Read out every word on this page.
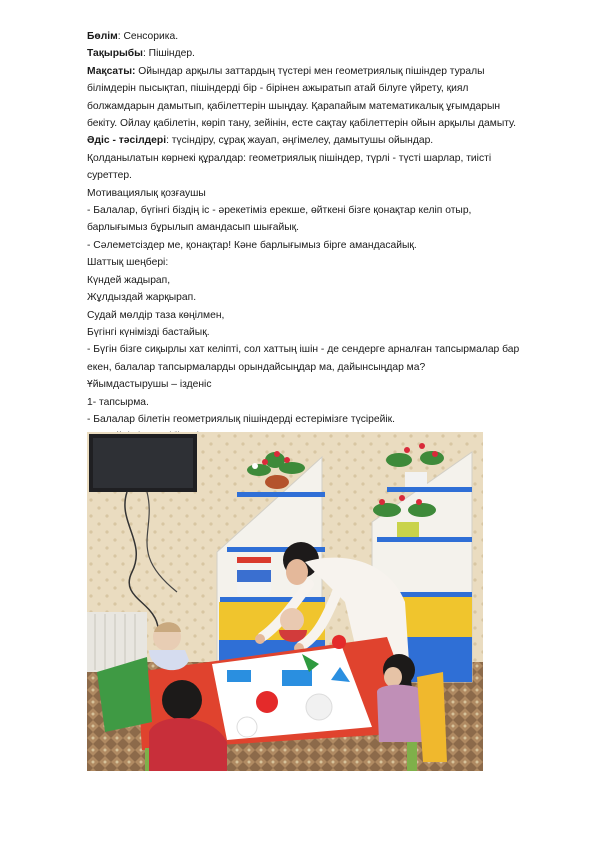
Бөлім: Сенсорика.
Тақырыбы: Пішіндер.
Мақсаты: Ойындар арқылы заттардың түстері мен геометриялық пішіндер туралы
білімдерін пысықтап, пішіндерді бір - бірінен ажыратып атай білуге үйрету, қиял
болжамдарын дамытып, қабілеттерін шыңдау. Қарапайым математикалық ұғымдарын
бекіту. Ойлау қабілетін, көріп тану, зейінін, есте сақтау қабілеттерін ойын арқылы дамыту.
Әдіс - тәсілдері: түсіндіру, сұрақ жауап, әңгімелеу, дамытушы ойындар.
Қолданылатын көрнекі құралдар: геометриялық пішіндер, түрлі - түсті шарлар, тиісті
суреттер.
Мотивациялық қозғаушы
- Балалар, бүгінгі біздің іс - әрекетіміз ерекше, өйткені бізге қонақтар келіп отыр,
барлығымыз бұрылып амандасып шығайық.
- Сәлеметсіздер ме, қонақтар! Кәне барлығымыз бірге амандасайық.
Шаттық шеңбері:
Күндей жадырап,
Жұлдыздай жарқырап.
Судай мөлдір таза көңілмен,
Бүгінгі күнімізді бастайық.
- Бүгін бізге сиқырлы хат келіпті, сол хаттың ішін - де сендерге арналған тапсырмалар бар
екен, балалар тапсырмаларды орындайсыңдар ма, дайынсыңдар ма?
Ұйымдастырушы – ізденіс
1- тапсырма.
- Балалар білетін геометриялық пішіндерді естерімізге түсірейік.
